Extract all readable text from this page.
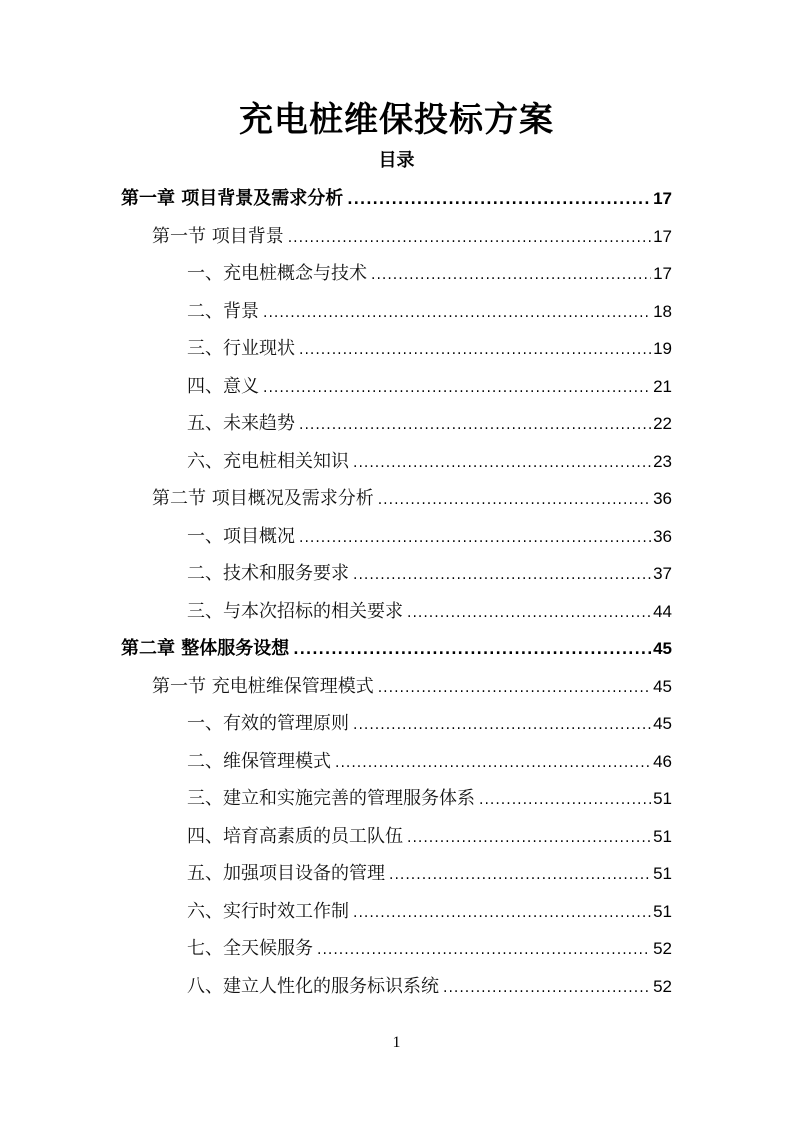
充电桩维保投标方案
目录
第一章 项目背景及需求分析 .....	17
第一节 项目背景 .....	17
一、充电桩概念与技术 .....	17
二、背景 .....	18
三、行业现状 .....	19
四、意义 .....	21
五、未来趋势 .....	22
六、充电桩相关知识 .....	23
第二节 项目概况及需求分析 .....	36
一、项目概况 .....	36
二、技术和服务要求 .....	37
三、与本次招标的相关要求 .....	44
第二章 整体服务设想 .....	45
第一节 充电桩维保管理模式 .....	45
一、有效的管理原则 .....	45
二、维保管理模式 .....	46
三、建立和实施完善的管理服务体系 .....	51
四、培育高素质的员工队伍 .....	51
五、加强项目设备的管理 .....	51
六、实行时效工作制 .....	51
七、全天候服务 .....	52
八、建立人性化的服务标识系统 .....	52
1
